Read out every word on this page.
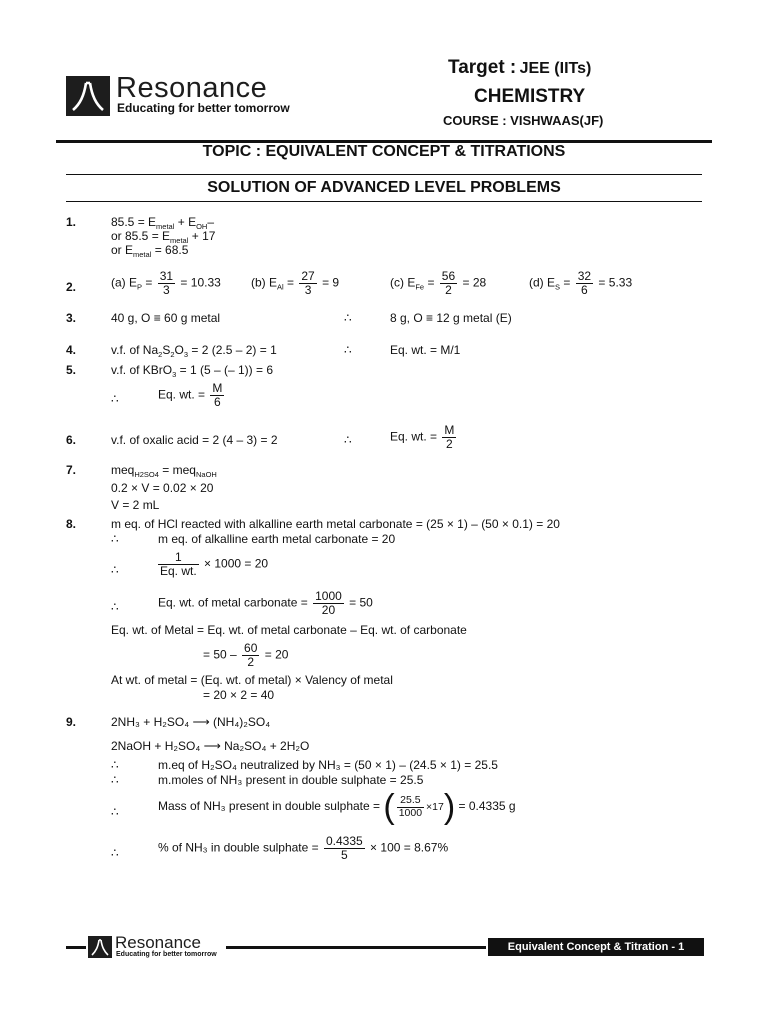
Resonance
Educating for better tomorrow
Target : JEE (IITs)
CHEMISTRY
COURSE : VISHWAAS(JF)
TOPIC : EQUIVALENT CONCEPT & TITRATIONS
SOLUTION OF ADVANCED LEVEL PROBLEMS
1.	$85.5 = E_{metal} + E_{OH}-$
or $85.5 = E_{metal} + 17$
or $E_{metal} = 68.5$
2.	(a) $E_P = \frac{31}{3} = 10.33$	(b) $E_{Al} = \frac{27}{3} = 9$	(c) $E_{Fe} = \frac{56}{2} = 28$	(d) $E_S = \frac{32}{6} = 5.33$
3.	40 g, O ≡ 60 g metal	∴	8 g, O ≡ 12 g metal (E)
4.	v.f. of $Na_2S_2O_3 = 2$ (2.5 – 2) = 1	∴	Eq. wt. = M/1
5.	v.f. of KBrO$_3$ = 1 (5 – (– 1)) = 6
∴	Eq. wt. = $\frac{M}{6}$
6.	v.f. of oxalic acid = 2 (4 – 3) = 2	∴	Eq. wt. = $\frac{M}{2}$
7.	meq$_{H2SO4}$ = meq$_{NaOH}$
0.2 × V = 0.02 × 20
V = 2 mL
8.	m eq. of HCl reacted with alkalline earth metal carbonate = (25 × 1) – (50 × 0.1) = 20
∴	m eq. of alkalline earth metal carbonate = 20
∴	$\frac{1}{Eq. wt.} \times 1000 = 20$
∴	Eq. wt. of metal carbonate = $\frac{1000}{20} = 50$
Eq. wt. of Metal = Eq. wt. of metal carbonate – Eq. wt. of carbonate
= $50 - \frac{60}{2} = 20$
At wt. of metal = (Eq. wt. of metal) × Valency of metal
= 20 × 2 = 40
9.	2NH₃ + H₂SO₄ ⟶ (NH₄)₂SO₄
2NaOH + H₂SO₄ ⟶ Na₂SO₄ + 2H₂O
∴	m.eq of H₂SO₄ neutralized by NH₃ = (50 × 1) – (24.5 × 1) = 25.5
∴	m.moles of NH₃ present in double sulphate = 25.5
∴	Mass of NH₃ present in double sulphate = ( $\frac{25.5}{1000} \times 17) = 0.4335$ g
∴	% of NH₃ in double sulphate = $\frac{0.4335}{5} \times 100 = 8.67\%$
Resonance
Educating for better tomorrow
Equivalent Concept & Titration - 1
